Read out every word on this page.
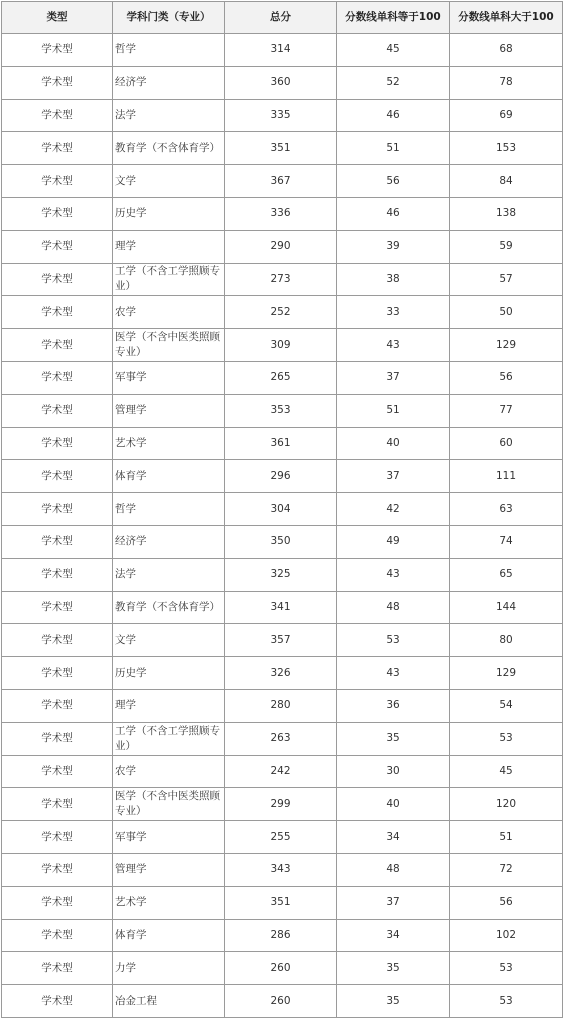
类型	学科门类（专业）	总分	分数线单科等于100	分数线单科大于100
学术型	哲学	314	45	68
学术型	经济学	360	52	78
学术型	法学	335	46	69
学术型	教育学（不含体育学）	351	51	153
学术型	文学	367	56	84
学术型	历史学	336	46	138
学术型	理学	290	39	59
学术型	工学（不含工学照顾专业）	273	38	57
学术型	农学	252	33	50
学术型	医学（不含中医类照顾专业）	309	43	129
学术型	军事学	265	37	56
学术型	管理学	353	51	77
学术型	艺术学	361	40	60
学术型	体育学	296	37	111
学术型	哲学	304	42	63
学术型	经济学	350	49	74
学术型	法学	325	43	65
学术型	教育学（不含体育学）	341	48	144
学术型	文学	357	53	80
学术型	历史学	326	43	129
学术型	理学	280	36	54
学术型	工学（不含工学照顾专业）	263	35	53
学术型	农学	242	30	45
学术型	医学（不含中医类照顾专业）	299	40	120
学术型	军事学	255	34	51
学术型	管理学	343	48	72
学术型	艺术学	351	37	56
学术型	体育学	286	34	102
学术型	力学	260	35	53
学术型	冶金工程	260	35	53
